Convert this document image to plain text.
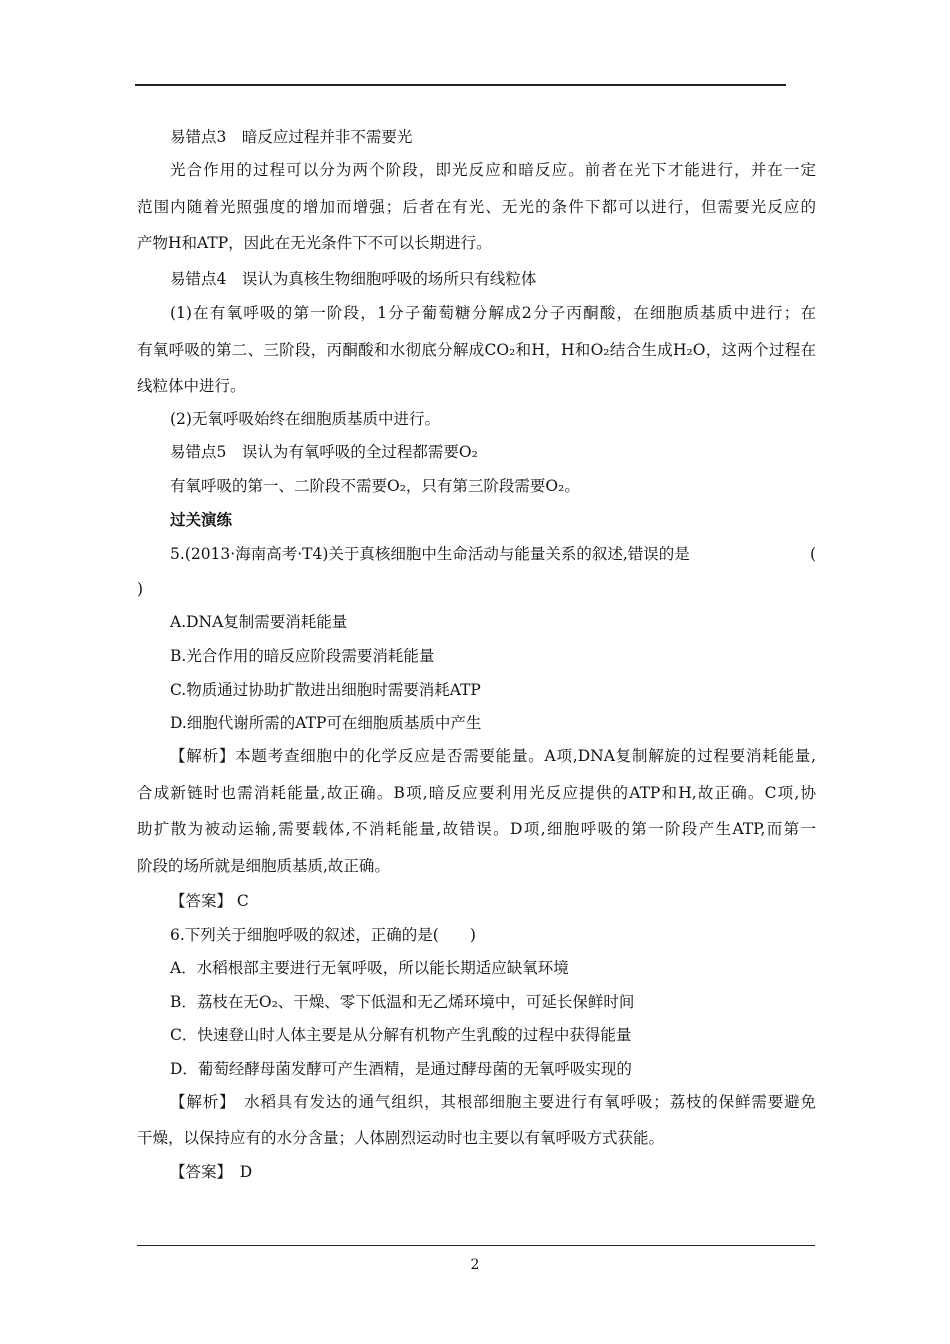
易错点3　暗反应过程并非不需要光
光合作用的过程可以分为两个阶段，即光反应和暗反应。前者在光下才能进行，并在一定
范围内随着光照强度的增加而增强；后者在有光、无光的条件下都可以进行，但需要光反应的
产物H和ATP，因此在无光条件下不可以长期进行。
易错点4　误认为真核生物细胞呼吸的场所只有线粒体
(1)在有氧呼吸的第一阶段，1分子葡萄糖分解成2分子丙酮酸，在细胞质基质中进行；在
有氧呼吸的第二、三阶段，丙酮酸和水彻底分解成CO₂和H，H和O₂结合生成H₂O，这两个过程在
线粒体中进行。
(2)无氧呼吸始终在细胞质基质中进行。
易错点5　误认为有氧呼吸的全过程都需要O₂
有氧呼吸的第一、二阶段不需要O₂，只有第三阶段需要O₂。
过关演练
5.(2013·海南高考·T4)关于真核细胞中生命活动与能量关系的叙述,错误的是	(
)
A.DNA复制需要消耗能量
B.光合作用的暗反应阶段需要消耗能量
C.物质通过协助扩散进出细胞时需要消耗ATP
D.细胞代谢所需的ATP可在细胞质基质中产生
【解析】本题考查细胞中的化学反应是否需要能量。A项,DNA复制解旋的过程要消耗能量,
合成新链时也需消耗能量,故正确。B项,暗反应要利用光反应提供的ATP和H,故正确。C项,协
助扩散为被动运输,需要载体,不消耗能量,故错误。D项,细胞呼吸的第一阶段产生ATP,而第一
阶段的场所就是细胞质基质,故正确。
【答案】 C
6.下列关于细胞呼吸的叙述，正确的是(　　)
A．水稻根部主要进行无氧呼吸，所以能长期适应缺氧环境
B．荔枝在无O₂、干燥、零下低温和无乙烯环境中，可延长保鲜时间
C．快速登山时人体主要是从分解有机物产生乳酸的过程中获得能量
D．葡萄经酵母菌发酵可产生酒精，是通过酵母菌的无氧呼吸实现的
【解析】　水稻具有发达的通气组织，其根部细胞主要进行有氧呼吸；荔枝的保鲜需要避免
干燥，以保持应有的水分含量；人体剧烈运动时也主要以有氧呼吸方式获能。
【答案】　D
2
